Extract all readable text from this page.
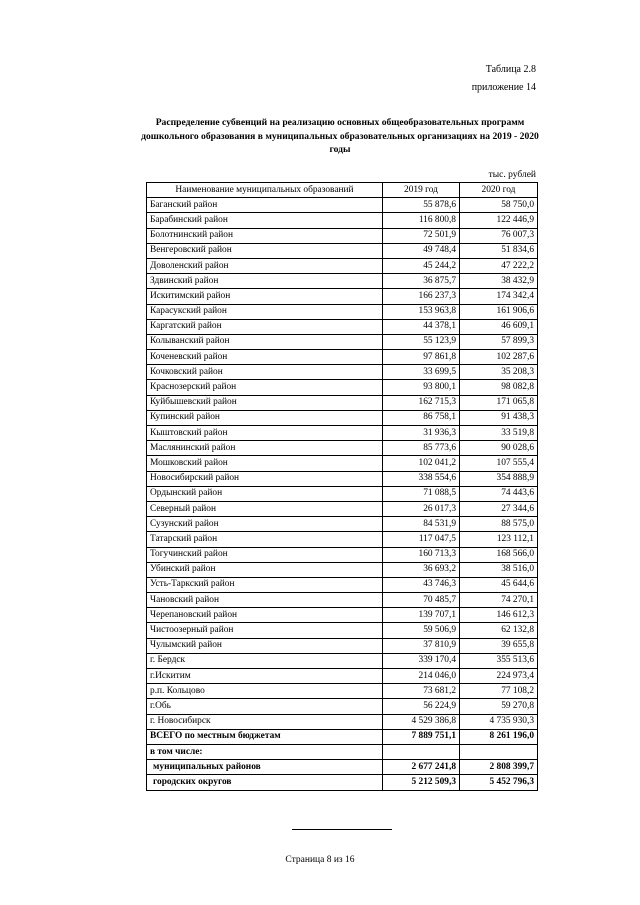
Таблица 2.8
приложение 14
Распределение субвенций на реализацию основных общеобразовательных программ дошкольного образования в муниципальных образовательных организациях на 2019 - 2020 годы
тыс. рублей
Наименование муниципальных образований	2019 год	2020 год
Баганский район	55 878,6	58 750,0
Барабинский район	116 800,8	122 446,9
Болотнинский район	72 501,9	76 007,3
Венгеровский район	49 748,4	51 834,6
Доволенский район	45 244,2	47 222,2
Здвинский район	36 875,7	38 432,9
Искитимский район	166 237,3	174 342,4
Карасукский район	153 963,8	161 906,6
Каргатский район	44 378,1	46 609,1
Колыванский район	55 123,9	57 899,3
Коченевский район	97 861,8	102 287,6
Кочковский район	33 699,5	35 208,3
Краснозерский район	93 800,1	98 082,8
Куйбышевский район	162 715,3	171 065,8
Купинский район	86 758,1	91 438,3
Кыштовский район	31 936,3	33 519,8
Маслянинский район	85 773,6	90 028,6
Мошковский район	102 041,2	107 555,4
Новосибирский район	338 554,6	354 888,9
Ордынский район	71 088,5	74 443,6
Северный район	26 017,3	27 344,6
Сузунский район	84 531,9	88 575,0
Татарский район	117 047,5	123 112,1
Тогучинский район	160 713,3	168 566,0
Убинский район	36 693,2	38 516,0
Усть-Таркский район	43 746,3	45 644,6
Чановский район	70 485,7	74 270,1
Черепановский район	139 707,1	146 612,3
Чистоозерный район	59 506,9	62 132,8
Чулымский район	37 810,9	39 655,8
г. Бердск	339 170,4	355 513,6
г.Искитим	214 046,0	224 973,4
р.п. Кольцово	73 681,2	77 108,2
г.Обь	56 224,9	59 270,8
г. Новосибирск	4 529 386,8	4 735 930,3
ВСЕГО по местным бюджетам	7 889 751,1	8 261 196,0
в том числе:		
муниципальных районов	2 677 241,8	2 808 399,7
городских округов	5 212 509,3	5 452 796,3
Страница 8 из 16
